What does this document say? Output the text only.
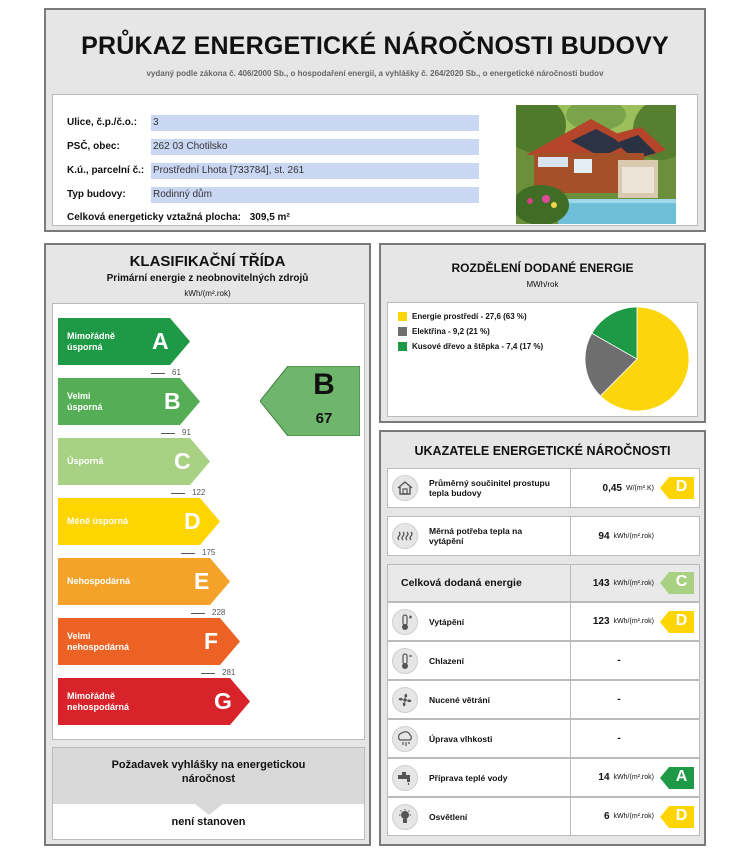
PRŮKAZ ENERGETICKÉ NÁROČNOSTI BUDOVY
vydaný podle zákona č. 406/2000 Sb., o hospodaření energií, a vyhlášky č. 264/2020 Sb., o energetické náročnosti budov
Ulice, č.p./č.o.: 3
PSČ, obec:	262 03 Chotilsko
K.ú., parcelní č.: Prostřední Lhota [733784], st. 261
Typ budovy:	Rodinný dům
Celková energeticky vztažná plocha: 309,5 m²
KLASIFIKAČNÍ TŘÍDA
Primární energie z neobnovitelných zdrojů
kWh/(m².rok)
Mimořádně úsporná	A
61
Velmi úsporná	B
91
Úsporná	C
122
Méně úsporná	D
175
Nehospodárná	E
228
Velmi nehospodárná	F
281
Mimořádně nehospodárná	G
B
67
Požadavek vyhlášky na energetickou náročnost
není stanoven
ROZDĚLENÍ DODANÉ ENERGIE
MWh/rok
Energie prostředí - 27,6 (63 %)
Elektřina - 9,2 (21 %)
Kusové dřevo a štěpka - 7,4 (17 %)
UKAZATELE ENERGETICKÉ NÁROČNOSTI
Průměrný součinitel prostupu tepla budovy	0,45 W/(m².K)	D
Měrná potřeba tepla na vytápění	94 kWh/(m².rok)
Celková dodaná energie	143 kWh/(m².rok)	C
Vytápění	123 kWh/(m².rok)	D
Chlazení	-
Nucené větrání	-
Úprava vlhkosti	-
Příprava teplé vody	14 kWh/(m².rok)	A
Osvětlení	6 kWh/(m².rok)	D
